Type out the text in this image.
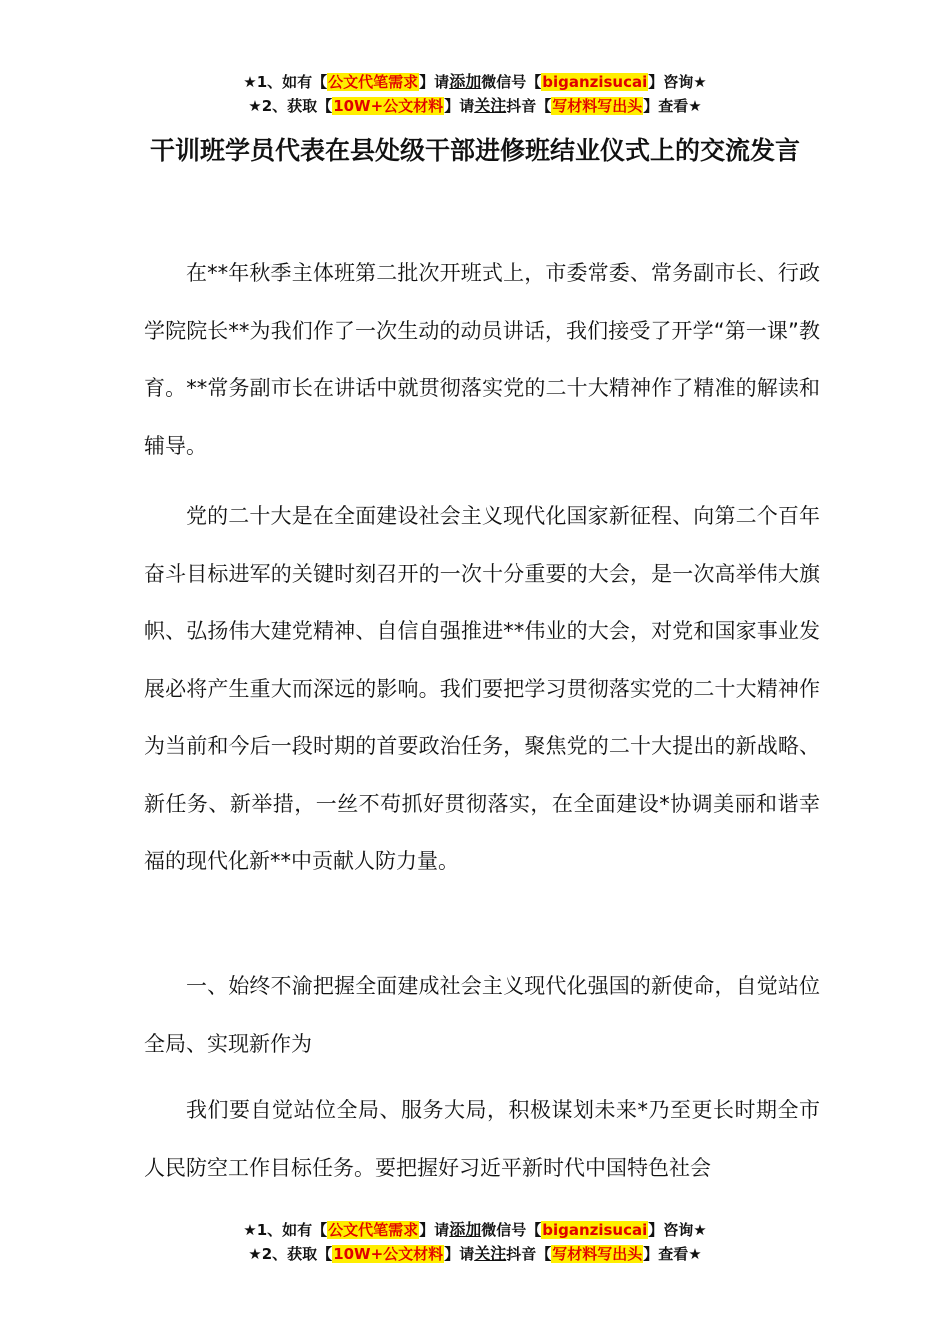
★1、如有【公文代笔需求】请添加微信号【biganzisucai】咨询★
★2、获取【10W+公文材料】请关注抖音【写材料写出头】查看★
干训班学员代表在县处级干部进修班结业仪式上的交流发言
在**年秋季主体班第二批次开班式上，市委常委、常务副市长、行政学院院长**为我们作了一次生动的动员讲话，我们接受了开学“第一课”教育。**常务副市长在讲话中就贯彻落实党的二十大精神作了精准的解读和辅导。
党的二十大是在全面建设社会主义现代化国家新征程、向第二个百年奋斗目标进军的关键时刻召开的一次十分重要的大会，是一次高举伟大旗帜、弘扬伟大建党精神、自信自强推进**伟业的大会，对党和国家事业发展必将产生重大而深远的影响。我们要把学习贯彻落实党的二十大精神作为当前和今后一段时期的首要政治任务，聚焦党的二十大提出的新战略、新任务、新举措，一丝不苟抓好贯彻落实，在全面建设*协调美丽和谐幸福的现代化新**中贡献人防力量。
一、始终不渝把握全面建成社会主义现代化强国的新使命，自觉站位全局、实现新作为
我们要自觉站位全局、服务大局，积极谋划未来*乃至更长时期全市人民防空工作目标任务。要把握好习近平新时代中国特色社会
★1、如有【公文代笔需求】请添加微信号【biganzisucai】咨询★
★2、获取【10W+公文材料】请关注抖音【写材料写出头】查看★
